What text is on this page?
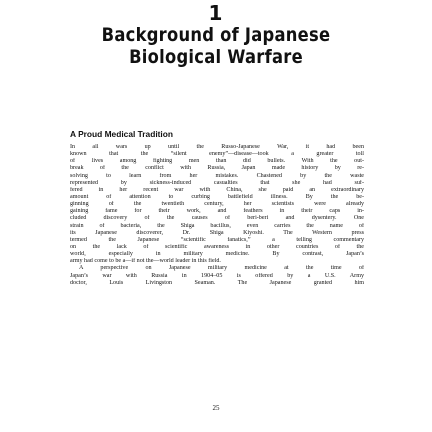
1
Background of Japanese
Biological Warfare
A Proud Medical Tradition
In all wars up until the Russo-Japanese War, it had been
known that the “silent enemy”—disease—took a greater toll
of lives among fighting men than did bullets. With the out-
break of the conflict with Russia, Japan made history by re-
solving to learn from her mistakes. Chastened by the waste
represented by sickness-induced casualties that she had suf-
fered in her recent war with China, she paid an extraordinary
amount of attention to curbing battlefield illness. By the be-
ginning of the twentieth century, her scientists were already
gaining fame for their work, and feathers in their caps in-
cluded discovery of the causes of beri-beri and dysentery. One
strain of bacteria, the Shiga bacillus, even carries the name of
its Japanese discoverer, Dr. Shiga Kiyoshi. The Western press
termed the Japanese “scientific fanatics,” a telling commentary
on the lack of scientific awareness in other countries of the
world, especially in military medicine. By contrast, Japan’s
army had come to be a—if not the—world leader in this field.
A perspective on Japanese military medicine at the time of
Japan’s war with Russia in 1904–05 is offered by a U.S. Army
doctor, Louis Livingston Seaman. The Japanese granted him
25
